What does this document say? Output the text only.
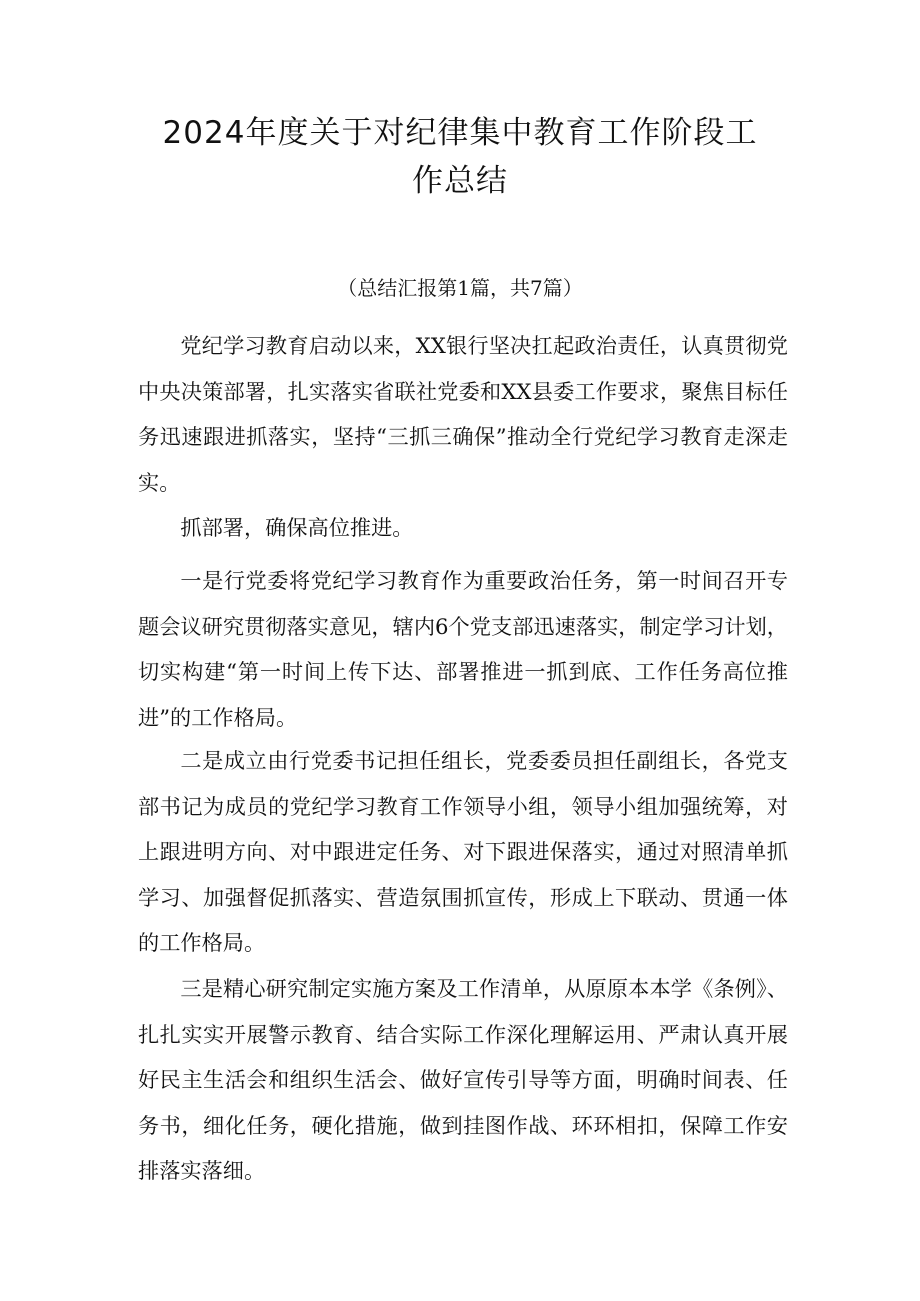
2024年度关于对纪律集中教育工作阶段工
作总结

（总结汇报第1篇，共7篇）

党纪学习教育启动以来，XX银行坚决扛起政治责任，认真贯彻党中央决策部署，扎实落实省联社党委和XX县委工作要求，聚焦目标任务迅速跟进抓落实，坚持“三抓三确保”推动全行党纪学习教育走深走实。

抓部署，确保高位推进。

一是行党委将党纪学习教育作为重要政治任务，第一时间召开专题会议研究贯彻落实意见，辖内6个党支部迅速落实，制定学习计划，切实构建“第一时间上传下达、部署推进一抓到底、工作任务高位推进”的工作格局。

二是成立由行党委书记担任组长，党委委员担任副组长，各党支部书记为成员的党纪学习教育工作领导小组，领导小组加强统筹，对上跟进明方向、对中跟进定任务、对下跟进保落实，通过对照清单抓学习、加强督促抓落实、营造氛围抓宣传，形成上下联动、贯通一体的工作格局。

三是精心研究制定实施方案及工作清单，从原原本本学《条例》、扎扎实实开展警示教育、结合实际工作深化理解运用、严肃认真开展好民主生活会和组织生活会、做好宣传引导等方面，明确时间表、任务书，细化任务，硬化措施，做到挂图作战、环环相扣，保障工作安排落实落细。
